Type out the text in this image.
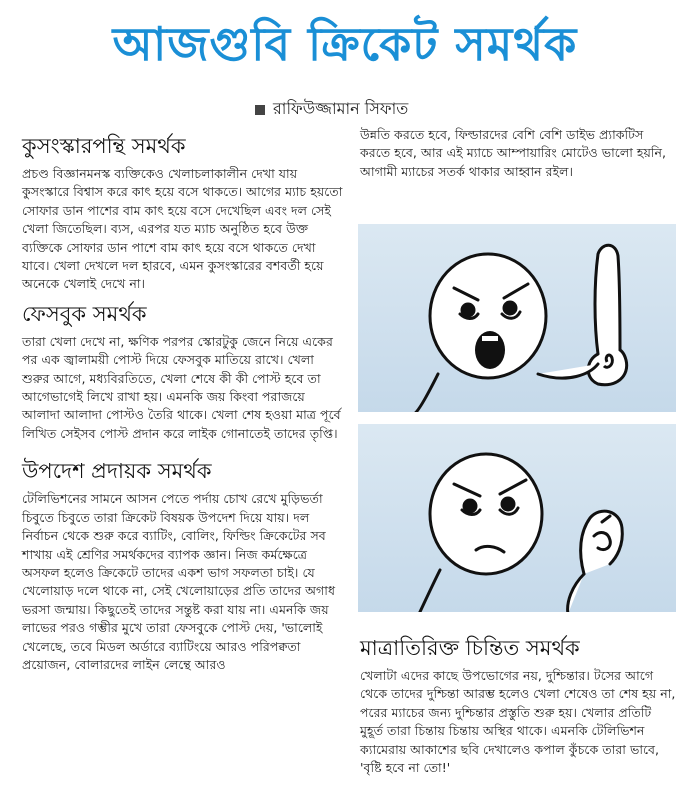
আজগুবি ক্রিকেট সমর্থক
রাফিউজ্জামান সিফাত
কুসংস্কারপন্থি সমর্থক

প্রচণ্ড বিজ্ঞানমনস্ক ব্যক্তিকেও খেলাচলাকালীন দেখা যায় কুসংস্কারে বিশ্বাস করে কাৎ হয়ে বসে থাকতে। আগের ম্যাচ হয়তো সোফার ডান পাশের বাম কাৎ হয়ে বসে দেখেছিল এবং দল সেই খেলা জিতেছিল। ব্যস, এরপর যত ম্যাচ অনুষ্ঠিত হবে উক্ত ব্যক্তিকে সোফার ডান পাশে বাম কাৎ হয়ে বসে থাকতে দেখা যাবে। খেলা দেখলে দল হারবে, এমন কুসংস্কারের বশবর্তী হয়ে অনেকে খেলাই দেখে না।

ফেসবুক সমর্থক

তারা খেলা দেখে না, ক্ষণিক পরপর স্কোরটুকু জেনে নিয়ে একের পর এক জ্বালাময়ী পোস্ট দিয়ে ফেসবুক মাতিয়ে রাখে। খেলা শুরুর আগে, মধ্যবিরতিতে, খেলা শেষে কী কী পোস্ট হবে তা আগেভাগেই লিখে রাখা হয়। এমনকি জয় কিংবা পরাজয়ে আলাদা আলাদা পোস্টও তৈরি থাকে। খেলা শেষ হওয়া মাত্র পূর্বে লিখিত সেইসব পোস্ট প্রদান করে লাইক গোনাতেই তাদের তৃপ্তি।

উপদেশ প্রদায়ক সমর্থক

টেলিভিশনের সামনে আসন পেতে পর্দায় চোখ রেখে মুড়িভর্তা চিবুতে চিবুতে তারা ক্রিকেট বিষয়ক উপদেশ দিয়ে যায়। দল নির্বাচন থেকে শুরু করে ব্যাটিং, বোলিং, ফিল্ডিং ক্রিকেটের সব শাখায় এই শ্রেণির সমর্থকদের ব্যাপক জ্ঞান। নিজ কর্মক্ষেত্রে অসফল হলেও ক্রিকেটে তাদের একশ ভাগ সফলতা চাই। যে খেলোয়াড় দলে থাকে না, সেই খেলোয়াড়ের প্রতি তাদের অগাধ ভরসা জন্মায়। কিছুতেই তাদের সন্তুষ্ট করা যায় না। এমনকি জয় লাভের পরও গম্ভীর মুখে তারা ফেসবুকে পোস্ট দেয়, 'ভালোই খেলেছে, তবে মিডল অর্ডারে ব্যাটিংয়ে আরও পরিপক্বতা প্রয়োজন, বোলারদের লাইন লেন্থে আরও

উন্নতি করতে হবে, ফিল্ডারদের বেশি বেশি ডাইভ প্র্যাকটিস করতে হবে, আর এই ম্যাচে আম্পায়ারিং মোটেও ভালো হয়নি, আগামী ম্যাচের সতর্ক থাকার আহ্বান রইল।

মাত্রাতিরিক্ত চিন্তিত সমর্থক

খেলাটা এদের কাছে উপভোগের নয়, দুশ্চিন্তার। টসের আগে থেকে তাদের দুশ্চিন্তা আরম্ভ হলেও খেলা শেষেও তা শেষ হয় না, পরের ম্যাচের জন্য দুশ্চিন্তার প্রস্তুতি শুরু হয়। খেলার প্রতিটি মুহূর্ত তারা চিন্তায় চিন্তায় অস্থির থাকে। এমনকি টেলিভিশন ক্যামেরায় আকাশের ছবি দেখালেও কপাল কুঁচকে তারা ভাবে, 'বৃষ্টি হবে না তো!'
